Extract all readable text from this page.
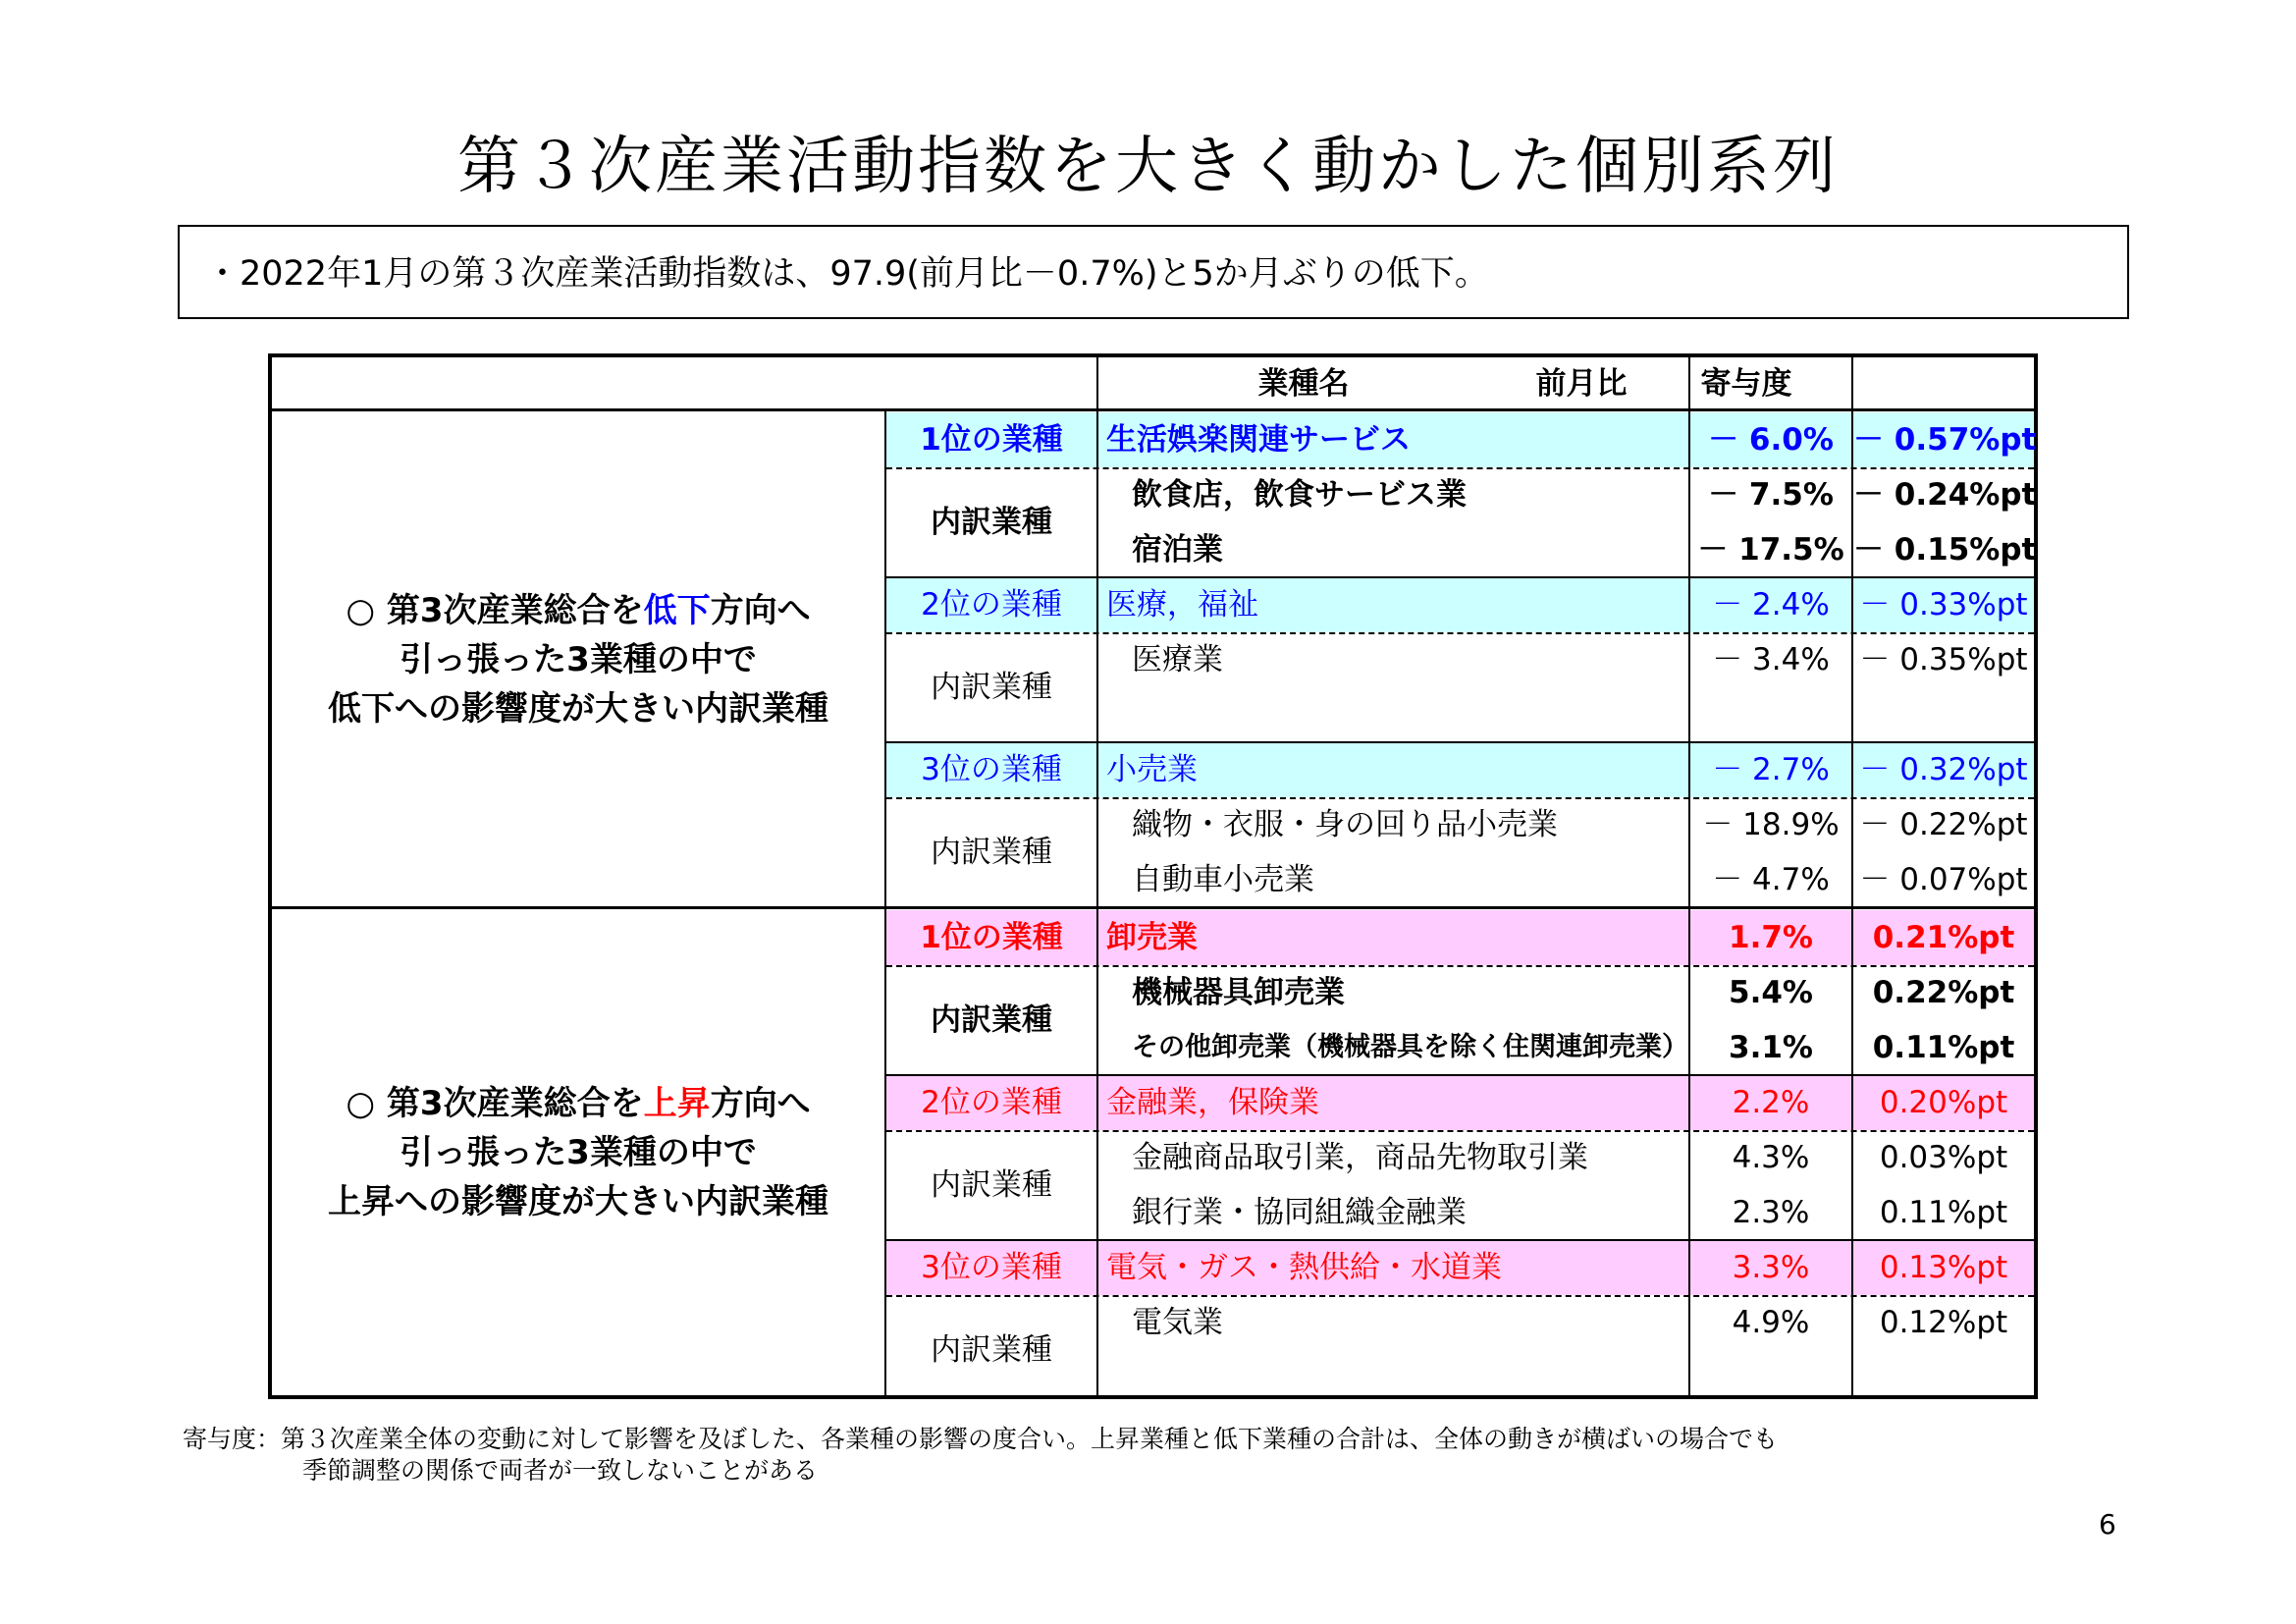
第３次産業活動指数を大きく動かした個別系列
・2022年1月の第３次産業活動指数は、97.9(前月比－0.7%)と5か月ぶりの低下。
業種名	前月比	寄与度
○ 第3次産業総合を低下方向へ
引っ張った3業種の中で
低下への影響度が大きい内訳業種
1位の業種	生活娯楽関連サービス	－ 6.0% － 0.57%pt
内訳業種
飲食店，飲食サービス業	－ 7.5% － 0.24%pt
宿泊業	－ 17.5% － 0.15%pt
2位の業種	医療，福祉	－ 2.4% － 0.33%pt
内訳業種
医療業	－ 3.4% － 0.35%pt
3位の業種	小売業	－ 2.7% － 0.32%pt
内訳業種
織物・衣服・身の回り品小売業	－ 18.9% － 0.22%pt
自動車小売業	－ 4.7% － 0.07%pt
○ 第3次産業総合を上昇方向へ
引っ張った3業種の中で
上昇への影響度が大きい内訳業種
1位の業種	卸売業	1.7%	0.21%pt
内訳業種
機械器具卸売業	5.4%	0.22%pt
その他卸売業（機械器具を除く住関連卸売業）	3.1%	0.11%pt
2位の業種	金融業，保険業	2.2%	0.20%pt
内訳業種
金融商品取引業，商品先物取引業	4.3%	0.03%pt
銀行業・協同組織金融業	2.3%	0.11%pt
3位の業種	電気・ガス・熱供給・水道業	3.3%	0.13%pt
内訳業種
電気業	4.9%	0.12%pt
寄与度：第３次産業全体の変動に対して影響を及ぼした、各業種の影響の度合い。上昇業種と低下業種の合計は、全体の動きが横ばいの場合でも
季節調整の関係で両者が一致しないことがある
6
